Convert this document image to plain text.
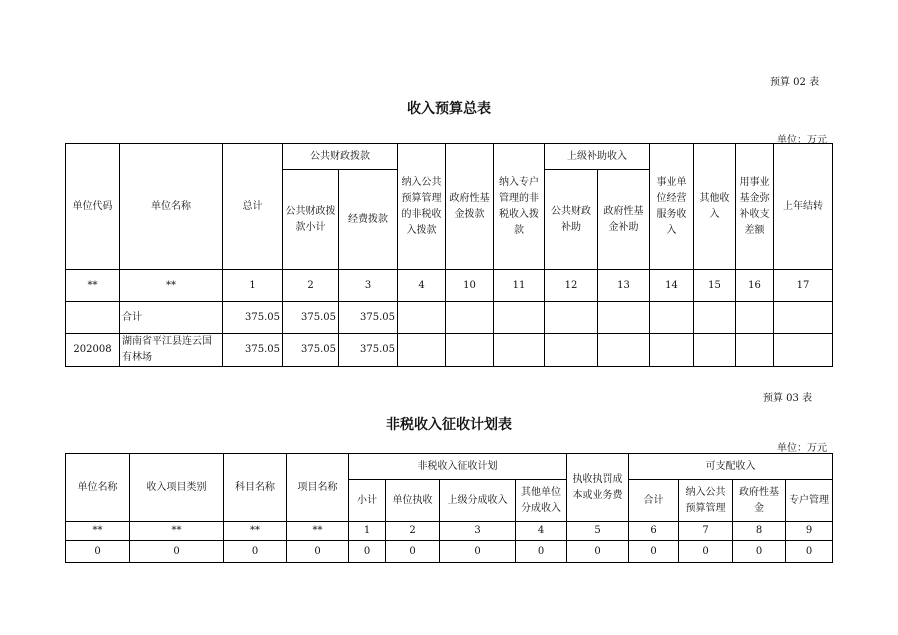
预算 02 表
收入预算总表
单位：万元
单位代码	单位名称	总计	公共财政拨款		纳入公共预算管理的非税收入拨款	政府性基金拨款	纳入专户管理的非税收入拨款	上级补助收入		事业单位经营服务收入	其他收入	用事业基金弥补收支差额	上年结转
			公共财政拨款小计	经费拨款				公共财政补助	政府性基金补助				
**	**	1	2	3	4	10	11	12	13	14	15	16	17
	合计	375.05	375.05	375.05									
202008	湖南省平江县连云国有林场	375.05	375.05	375.05									
预算 03 表
非税收入征收计划表
单位：万元
单位名称	收入项目类别	科目名称	项目名称	非税收入征收计划				执收执罚成本或业务费	可支配收入			
				小计	单位执收	上级分成收入	其他单位分成收入		合计	纳入公共预算管理	政府性基金	专户管理
**	**	**	**	1	2	3	4	5	6	7	8	9
0	0	0	0	0	0	0	0	0	0	0	0	0
